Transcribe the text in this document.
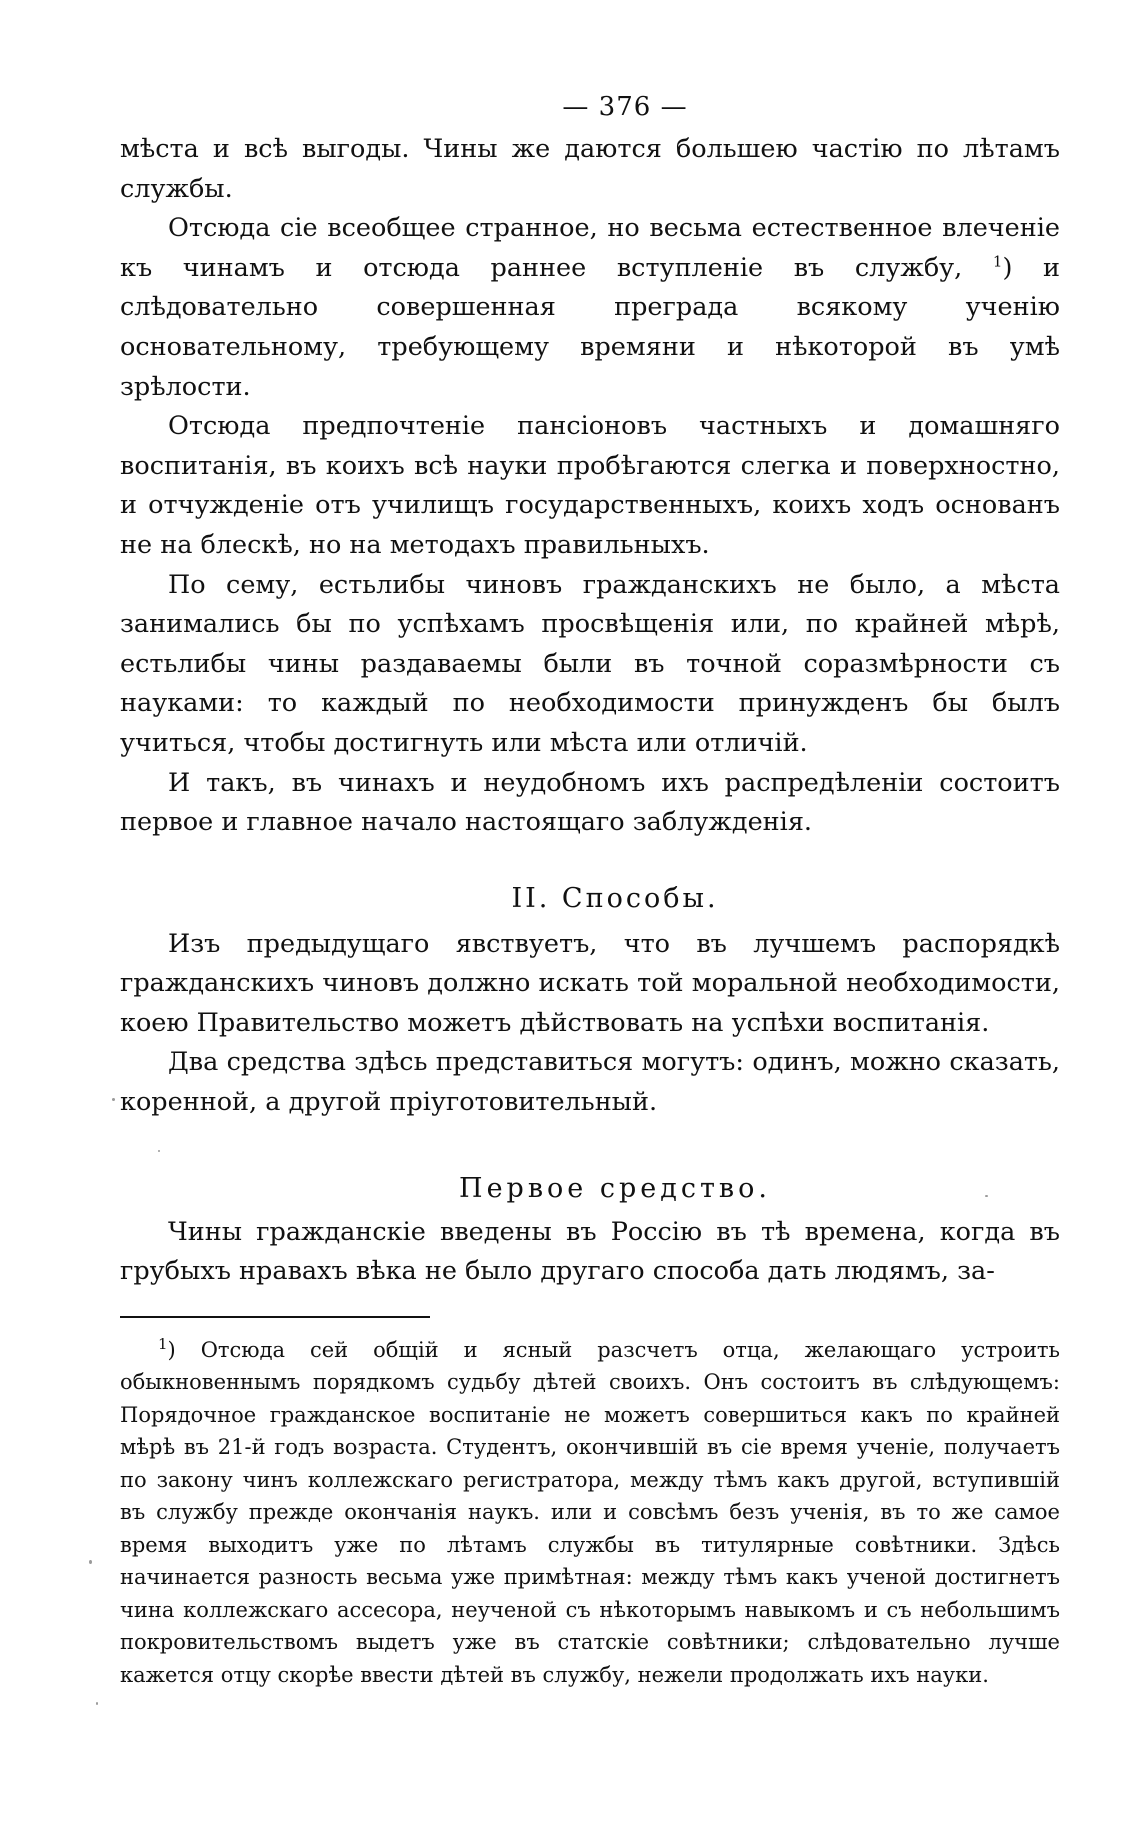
— 376 —

мѣста и всѣ выгоды. Чины же даются большею частію по лѣтамъ службы.

Отсюда сіе всеобщее странное, но весьма естественное влеченіе къ чинамъ и отсюда раннее вступленіе въ службу, $^1$) и слѣдовательно совершенная преграда всякому ученію основательному, требующему времяни и нѣкоторой въ умѣ зрѣлости.

Отсюда предпочтеніе пансіоновъ частныхъ и домашняго воспитанія, въ коихъ всѣ науки пробѣгаются слегка и поверхностно, и отчужденіе отъ училищъ государственныхъ, коихъ ходъ основанъ не на блескѣ, но на методахъ правильныхъ.

По сему, естьлибы чиновъ гражданскихъ не было, а мѣста занимались бы по успѣхамъ просвѣщенія или, по крайней мѣрѣ, естьлибы чины раздаваемы были въ точной соразмѣрности съ науками: то каждый по необходимости принужденъ бы былъ учиться, чтобы достигнуть или мѣста или отличій.

И такъ, въ чинахъ и неудобномъ ихъ распредѣленіи состоитъ первое и главное начало настоящаго заблужденія.

II. Способы.

Изъ предыдущаго явствуетъ, что въ лучшемъ распорядкѣ гражданскихъ чиновъ должно искать той моральной необходимости, коею Правительство можетъ дѣйствовать на успѣхи воспитанія.

Два средства здѣсь представиться могутъ: одинъ, можно сказать, коренной, а другой пріуготовительный.

Первое средство.

Чины гражданскіе введены въ Россію въ тѣ времена, когда въ грубыхъ нравахъ вѣка не было другаго способа дать людямъ, за-

$^1$) Отсюда сей общій и ясный разсчетъ отца, желающаго устроить обыкновеннымъ порядкомъ судьбу дѣтей своихъ. Онъ состоитъ въ слѣдующемъ: Порядочное гражданское воспитаніе не можетъ совершиться какъ по крайней мѣрѣ въ 21-й годъ возраста. Студентъ, окончившій въ сіе время ученіе, получаетъ по закону чинъ коллежскаго регистратора, между тѣмъ какъ другой, вступившій въ службу прежде окончанія наукъ. или и совсѣмъ безъ ученія, въ то же самое время выходитъ уже по лѣтамъ службы въ титулярные совѣтники. Здѣсь начинается разность весьма уже примѣтная: между тѣмъ какъ ученой достигнетъ чина коллежскаго ассесора, неученой съ нѣкоторымъ навыкомъ и съ небольшимъ покровительствомъ выдетъ уже въ статскіе совѣтники; слѣдовательно лучше кажется отцу скорѣе ввести дѣтей въ службу, нежели продолжать ихъ науки.
